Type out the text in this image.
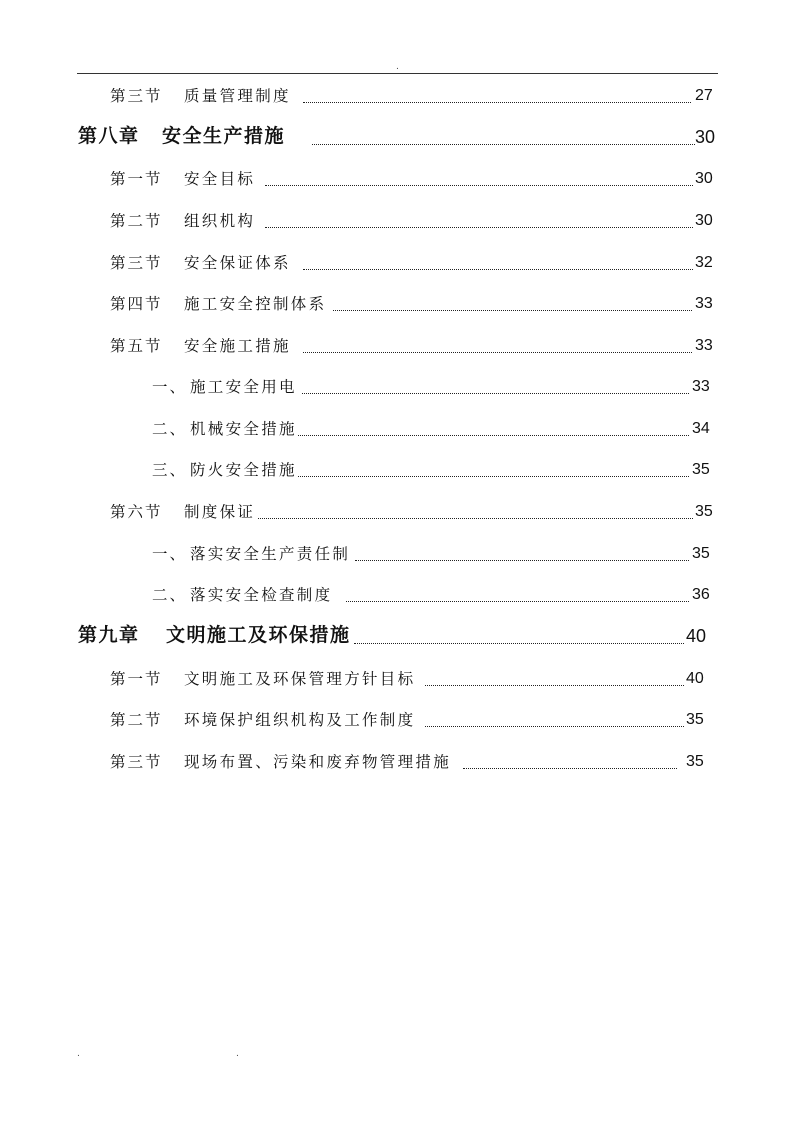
.
第三节 质量管理制度	27
第八章 安全生产措施	30
第一节 安全目标	30
第二节 组织机构	30
第三节 安全保证体系	32
第四节 施工安全控制体系	33
第五节 安全施工措施	33
一、 施工安全用电	33
二、 机械安全措施	34
三、 防火安全措施	35
第六节 制度保证	35
一、 落实安全生产责任制	35
二、 落实安全检查制度	36
第九章 文明施工及环保措施	40
第一节 文明施工及环保管理方针目标	40
第二节 环境保护组织机构及工作制度	35
第三节 现场布置、污染和废弃物管理措施	35
.	.
